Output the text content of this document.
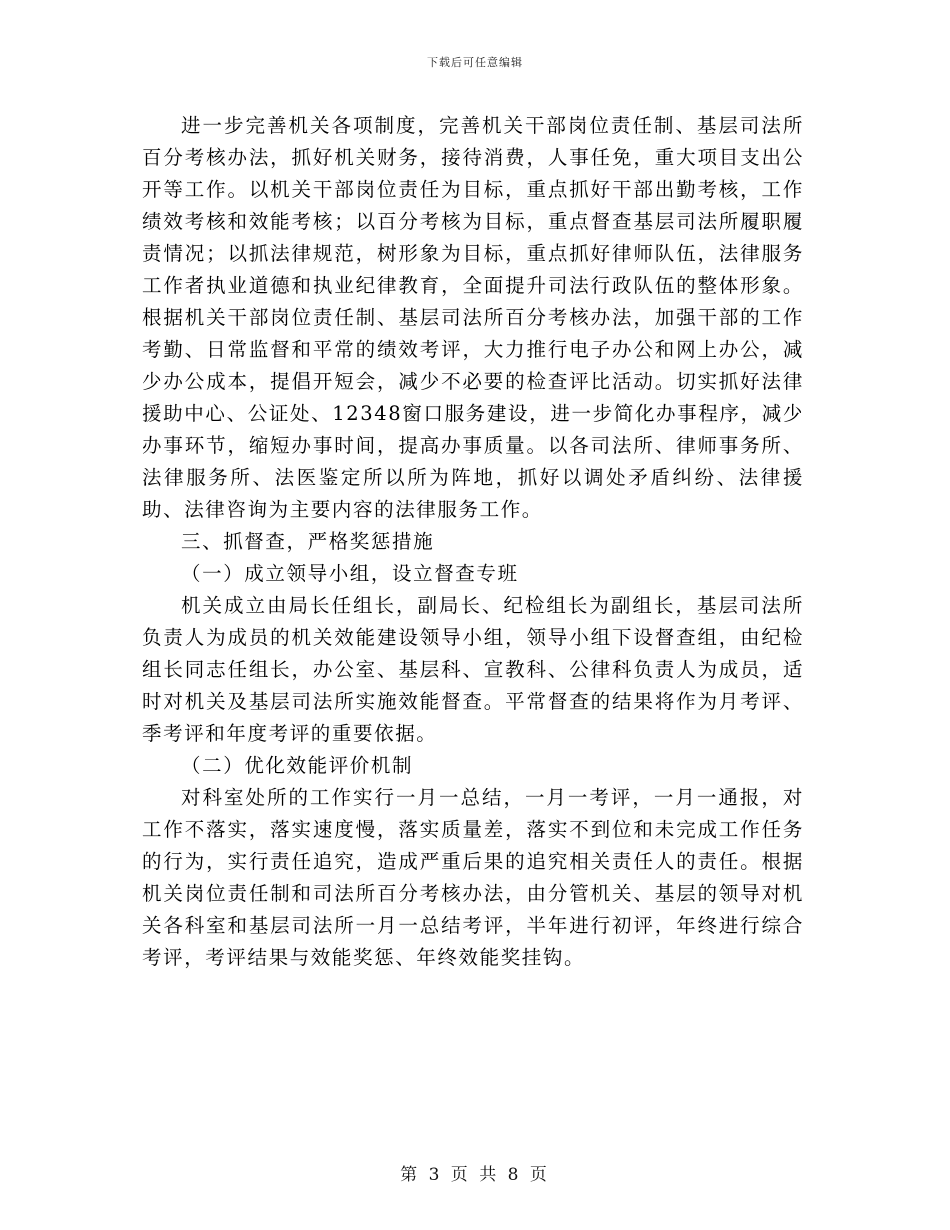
下载后可任意编辑

进一步完善机关各项制度，完善机关干部岗位责任制、基层司法所百分考核办法，抓好机关财务，接待消费，人事任免，重大项目支出公开等工作。以机关干部岗位责任为目标，重点抓好干部出勤考核，工作绩效考核和效能考核；以百分考核为目标，重点督查基层司法所履职履责情况；以抓法律规范，树形象为目标，重点抓好律师队伍，法律服务工作者执业道德和执业纪律教育，全面提升司法行政队伍的整体形象。根据机关干部岗位责任制、基层司法所百分考核办法，加强干部的工作考勤、日常监督和平常的绩效考评，大力推行电子办公和网上办公，减少办公成本，提倡开短会，减少不必要的检查评比活动。切实抓好法律援助中心、公证处、12348窗口服务建设，进一步简化办事程序，减少办事环节，缩短办事时间，提高办事质量。以各司法所、律师事务所、法律服务所、法医鉴定所以所为阵地，抓好以调处矛盾纠纷、法律援助、法律咨询为主要内容的法律服务工作。

三、抓督查，严格奖惩措施

（一）成立领导小组，设立督查专班

机关成立由局长任组长，副局长、纪检组长为副组长，基层司法所负责人为成员的机关效能建设领导小组，领导小组下设督查组，由纪检组长同志任组长，办公室、基层科、宣教科、公律科负责人为成员，适时对机关及基层司法所实施效能督查。平常督查的结果将作为月考评、季考评和年度考评的重要依据。

（二）优化效能评价机制

对科室处所的工作实行一月一总结，一月一考评，一月一通报，对工作不落实，落实速度慢，落实质量差，落实不到位和未完成工作任务的行为，实行责任追究，造成严重后果的追究相关责任人的责任。根据机关岗位责任制和司法所百分考核办法，由分管机关、基层的领导对机关各科室和基层司法所一月一总结考评，半年进行初评，年终进行综合考评，考评结果与效能奖惩、年终效能奖挂钩。

第 3 页 共 8 页
